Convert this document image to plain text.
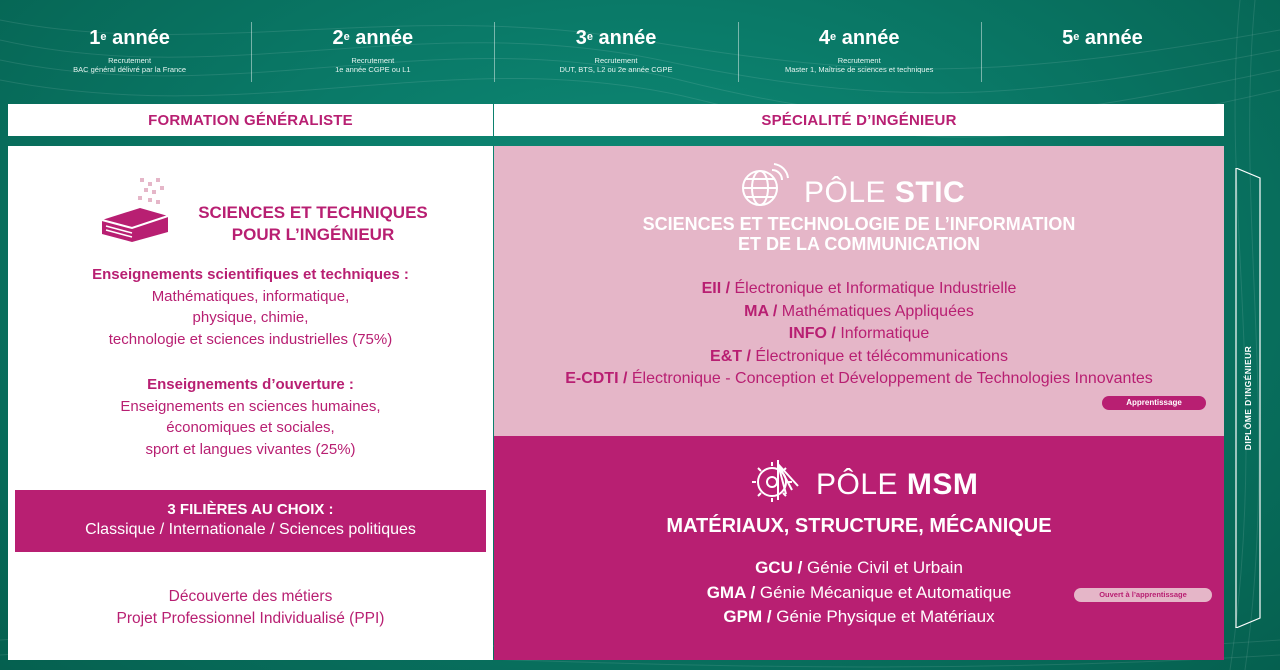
1e année
Recrutement
BAC général délivré par la France
2e année
Recrutement
1e année CGPE ou L1
3e année
Recrutement
DUT, BTS, L2 ou 2e année CGPE
4e année
Recrutement
Master 1, Maîtrise de sciences et techniques
5e année
FORMATION GÉNÉRALISTE	SPÉCIALITÉ D’INGÉNIEUR
SCIENCES ET TECHNIQUES
POUR L’INGÉNIEUR
Enseignements scientifiques et techniques :
Mathématiques, informatique,
physique, chimie,
technologie et sciences industrielles (75%)
Enseignements d’ouverture :
Enseignements en sciences humaines,
économiques et sociales,
sport et langues vivantes (25%)
3 FILIÈRES AU CHOIX :
Classique / Internationale / Sciences politiques
Découverte des métiers
Projet Professionnel Individualisé (PPI)
PÔLE STIC
SCIENCES ET TECHNOLOGIE DE L’INFORMATION
ET DE LA COMMUNICATION
EII / Électronique et Informatique Industrielle
MA / Mathématiques Appliquées
INFO / Informatique
E&T / Électronique et télécommunications
E-CDTI / Électronique - Conception et Développement de Technologies Innovantes
Apprentissage
PÔLE MSM
MATÉRIAUX, STRUCTURE, MÉCANIQUE
GCU / Génie Civil et Urbain
GMA / Génie Mécanique et Automatique
GPM / Génie Physique et Matériaux
Ouvert à l’apprentissage
DIPLÔME D’INGÉNIEUR
